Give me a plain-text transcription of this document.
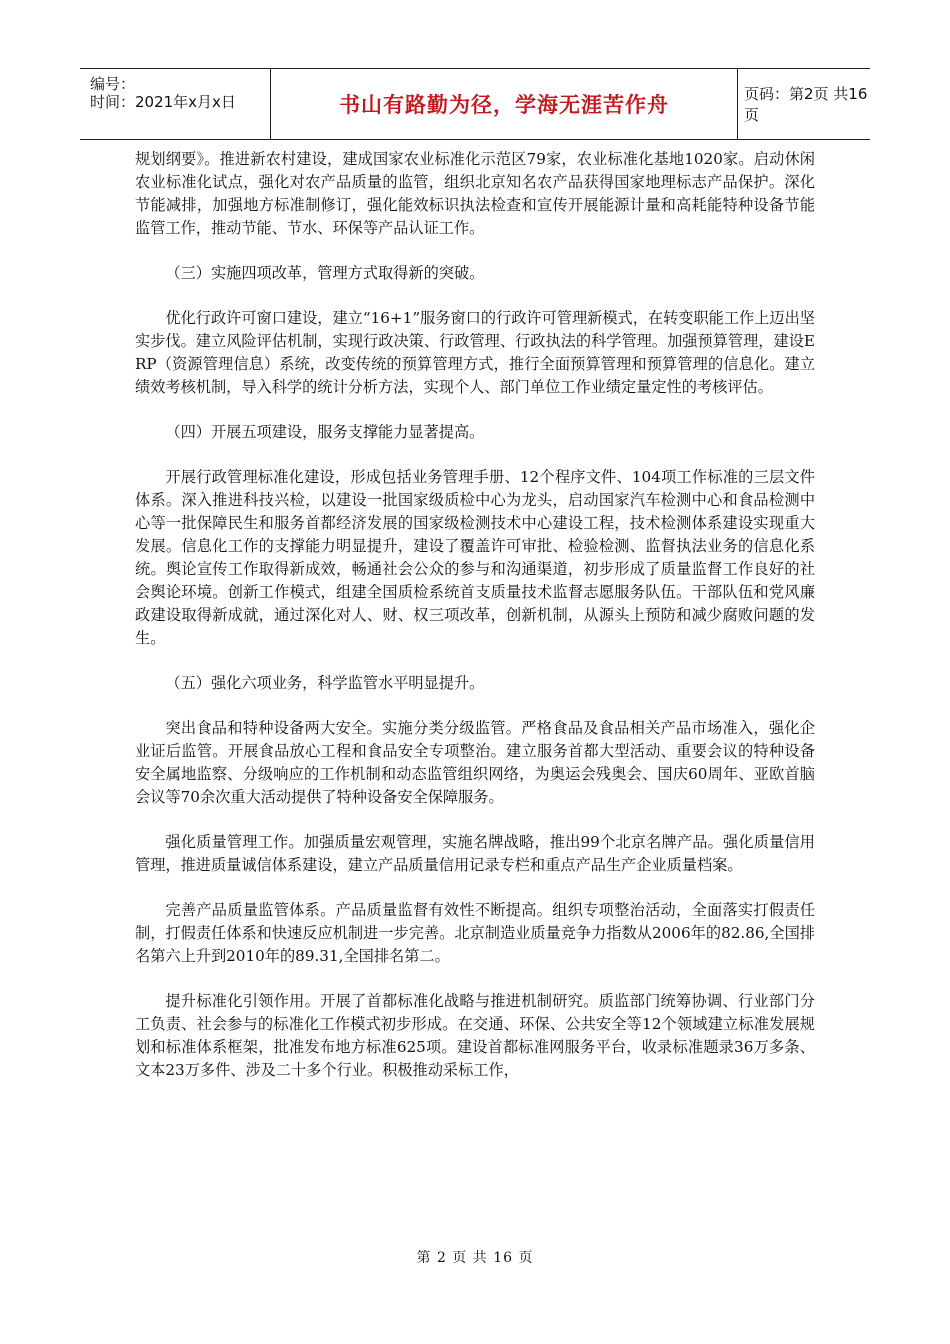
编号：
时间：2021年x月x日	书山有路勤为径，学海无涯苦作舟	页码：第2页 共16页

规划纲要》。推进新农村建设，建成国家农业标准化示范区79家，农业标准化基地1020家。启动休闲农业标准化试点，强化对农产品质量的监管，组织北京知名农产品获得国家地理标志产品保护。深化节能减排，加强地方标准制修订，强化能效标识执法检查和宣传开展能源计量和高耗能特种设备节能监管工作，推动节能、节水、环保等产品认证工作。

（三）实施四项改革，管理方式取得新的突破。

优化行政许可窗口建设，建立“16+1”服务窗口的行政许可管理新模式，在转变职能工作上迈出坚实步伐。建立风险评估机制，实现行政决策、行政管理、行政执法的科学管理。加强预算管理，建设ERP（资源管理信息）系统，改变传统的预算管理方式，推行全面预算管理和预算管理的信息化。建立绩效考核机制，导入科学的统计分析方法，实现个人、部门单位工作业绩定量定性的考核评估。

（四）开展五项建设，服务支撑能力显著提高。

开展行政管理标准化建设，形成包括业务管理手册、12个程序文件、104项工作标准的三层文件体系。深入推进科技兴检，以建设一批国家级质检中心为龙头，启动国家汽车检测中心和食品检测中心等一批保障民生和服务首都经济发展的国家级检测技术中心建设工程，技术检测体系建设实现重大发展。信息化工作的支撑能力明显提升，建设了覆盖许可审批、检验检测、监督执法业务的信息化系统。舆论宣传工作取得新成效，畅通社会公众的参与和沟通渠道，初步形成了质量监督工作良好的社会舆论环境。创新工作模式，组建全国质检系统首支质量技术监督志愿服务队伍。干部队伍和党风廉政建设取得新成就，通过深化对人、财、权三项改革，创新机制，从源头上预防和减少腐败问题的发生。

（五）强化六项业务，科学监管水平明显提升。

突出食品和特种设备两大安全。实施分类分级监管。严格食品及食品相关产品市场准入，强化企业证后监管。开展食品放心工程和食品安全专项整治。建立服务首都大型活动、重要会议的特种设备安全属地监察、分级响应的工作机制和动态监管组织网络，为奥运会残奥会、国庆60周年、亚欧首脑会议等70余次重大活动提供了特种设备安全保障服务。

强化质量管理工作。加强质量宏观管理，实施名牌战略，推出99个北京名牌产品。强化质量信用管理，推进质量诚信体系建设，建立产品质量信用记录专栏和重点产品生产企业质量档案。

完善产品质量监管体系。产品质量监督有效性不断提高。组织专项整治活动，全面落实打假责任制，打假责任体系和快速反应机制进一步完善。北京制造业质量竞争力指数从2006年的82.86,全国排名第六上升到2010年的89.31,全国排名第二。

提升标准化引领作用。开展了首都标准化战略与推进机制研究。质监部门统筹协调、行业部门分工负责、社会参与的标准化工作模式初步形成。在交通、环保、公共安全等12个领域建立标准发展规划和标准体系框架，批准发布地方标准625项。建设首都标准网服务平台，收录标准题录36万多条、文本23万多件、涉及二十多个行业。积极推动采标工作，

第 2 页 共 16 页
